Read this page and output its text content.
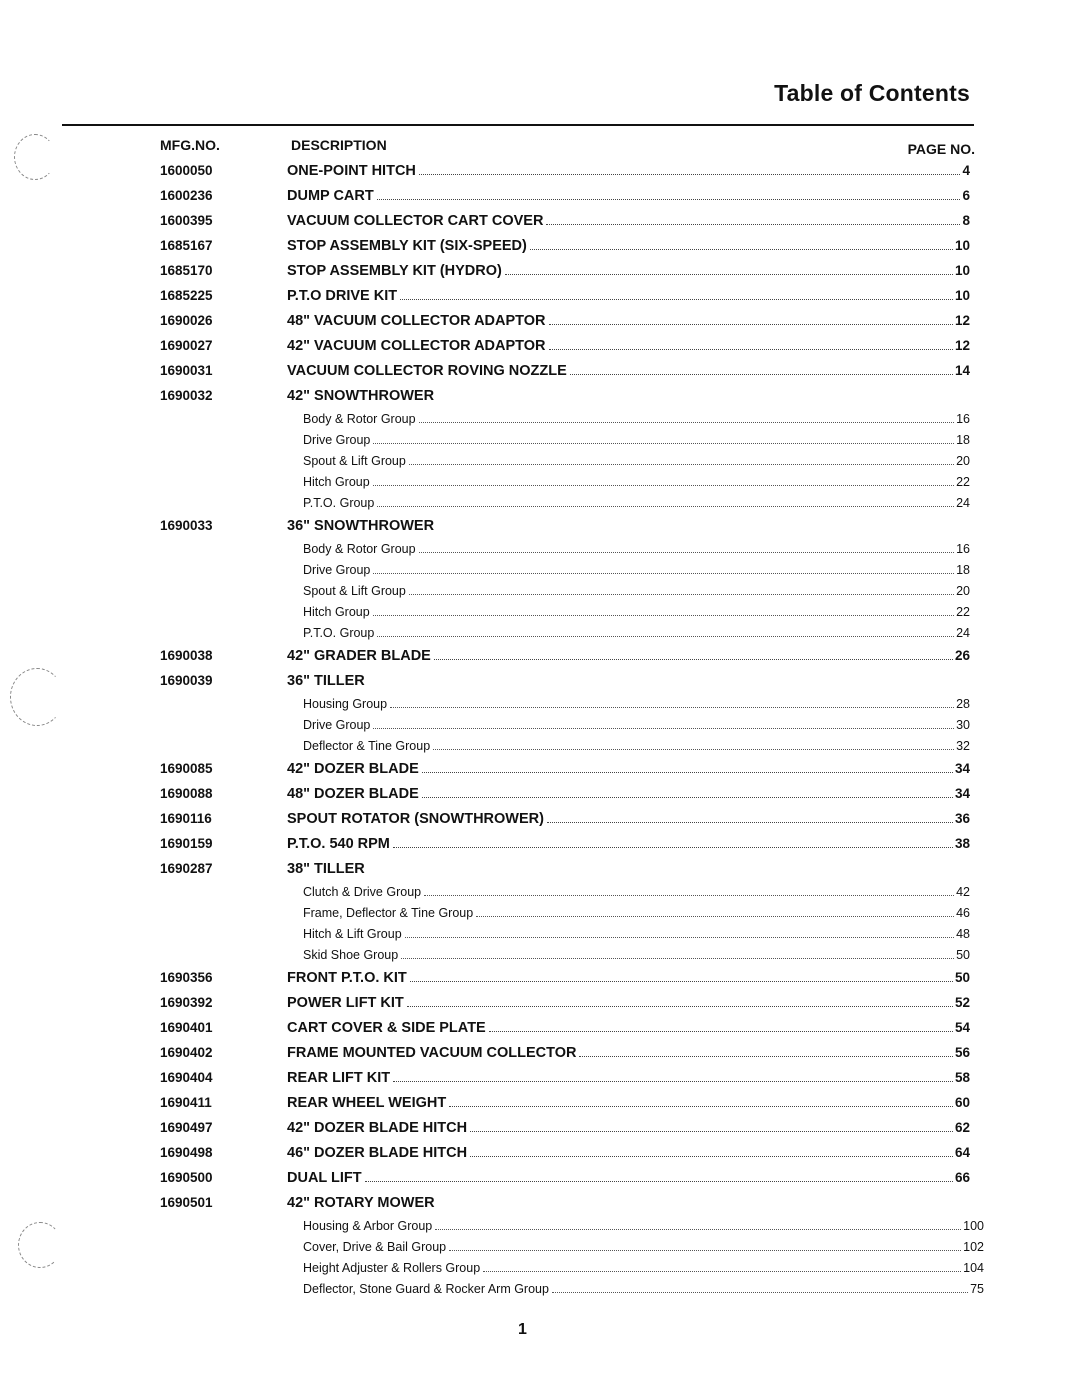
Table of Contents
MFG.NO.	DESCRIPTION	PAGE NO.
1600050	ONE-POINT HITCH	4
1600236	DUMP CART	6
1600395	VACUUM COLLECTOR CART COVER	8
1685167	STOP ASSEMBLY KIT (SIX-SPEED)	10
1685170	STOP ASSEMBLY KIT (HYDRO)	10
1685225	P.T.O DRIVE KIT	10
1690026	48" VACUUM COLLECTOR ADAPTOR	12
1690027	42" VACUUM COLLECTOR ADAPTOR	12
1690031	VACUUM COLLECTOR ROVING NOZZLE	14
1690032	42" SNOWTHROWER
Body & Rotor Group	16
Drive Group	18
Spout & Lift Group	20
Hitch Group	22
P.T.O. Group	24
1690033	36" SNOWTHROWER
Body & Rotor Group	16
Drive Group	18
Spout & Lift Group	20
Hitch Group	22
P.T.O. Group	24
1690038	42" GRADER BLADE	26
1690039	36" TILLER
Housing Group	28
Drive Group	30
Deflector & Tine Group	32
1690085	42" DOZER BLADE	34
1690088	48" DOZER BLADE	34
1690116	SPOUT ROTATOR (SNOWTHROWER)	36
1690159	P.T.O. 540 RPM	38
1690287	38" TILLER
Clutch & Drive Group	42
Frame, Deflector & Tine Group	46
Hitch & Lift Group	48
Skid Shoe Group	50
1690356	FRONT P.T.O. KIT	50
1690392	POWER LIFT KIT	52
1690401	CART COVER & SIDE PLATE	54
1690402	FRAME MOUNTED VACUUM COLLECTOR	56
1690404	REAR LIFT KIT	58
1690411	REAR WHEEL WEIGHT	60
1690497	42" DOZER BLADE HITCH	62
1690498	46" DOZER BLADE HITCH	64
1690500	DUAL LIFT	66
1690501	42" ROTARY MOWER
Housing & Arbor Group	100
Cover, Drive & Bail Group	102
Height Adjuster & Rollers Group	104
Deflector, Stone Guard & Rocker Arm Group	75
1
